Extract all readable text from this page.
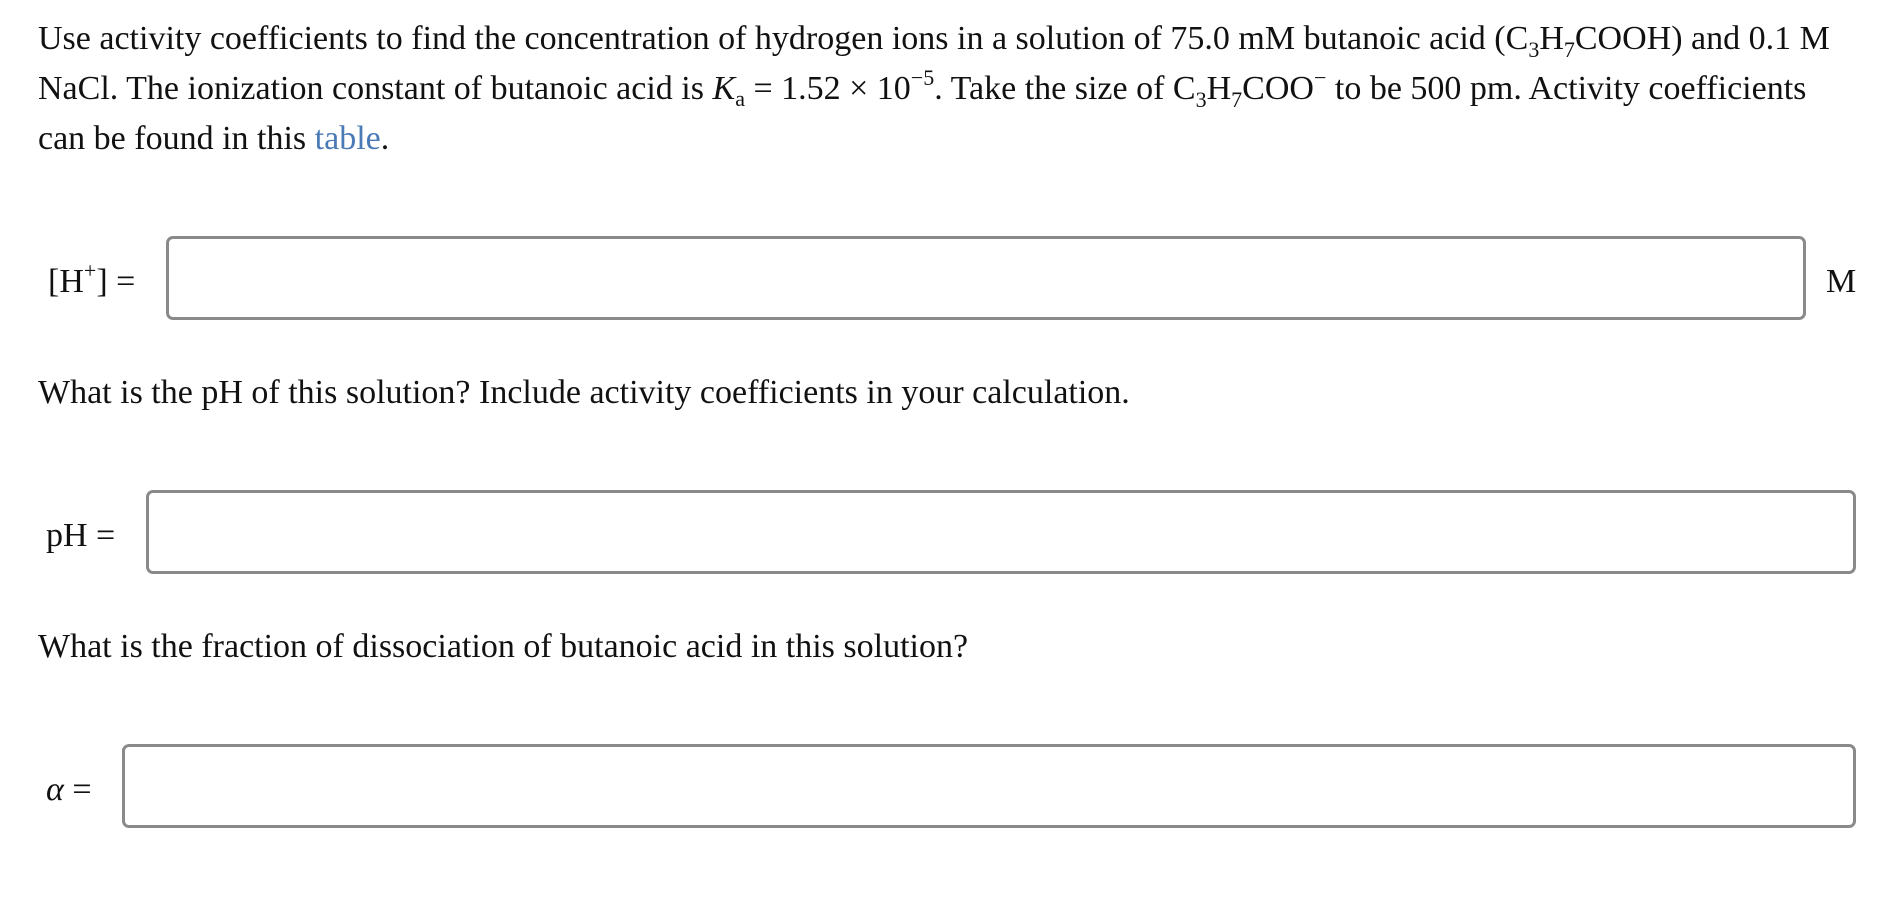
Use activity coefficients to find the concentration of hydrogen ions in a solution of 75.0 mM butanoic acid $(C_3H_7COOH)$ and 0.1 M NaCl. The ionization constant of butanoic acid is $K_a = 1.52 \times 10^{-5}$. Take the size of $C_3H_7COO^-$ to be 500 pm. Activity coefficients can be found in this table.
[H+] =	M
What is the pH of this solution? Include activity coefficients in your calculation.
pH =
What is the fraction of dissociation of butanoic acid in this solution?
α =
